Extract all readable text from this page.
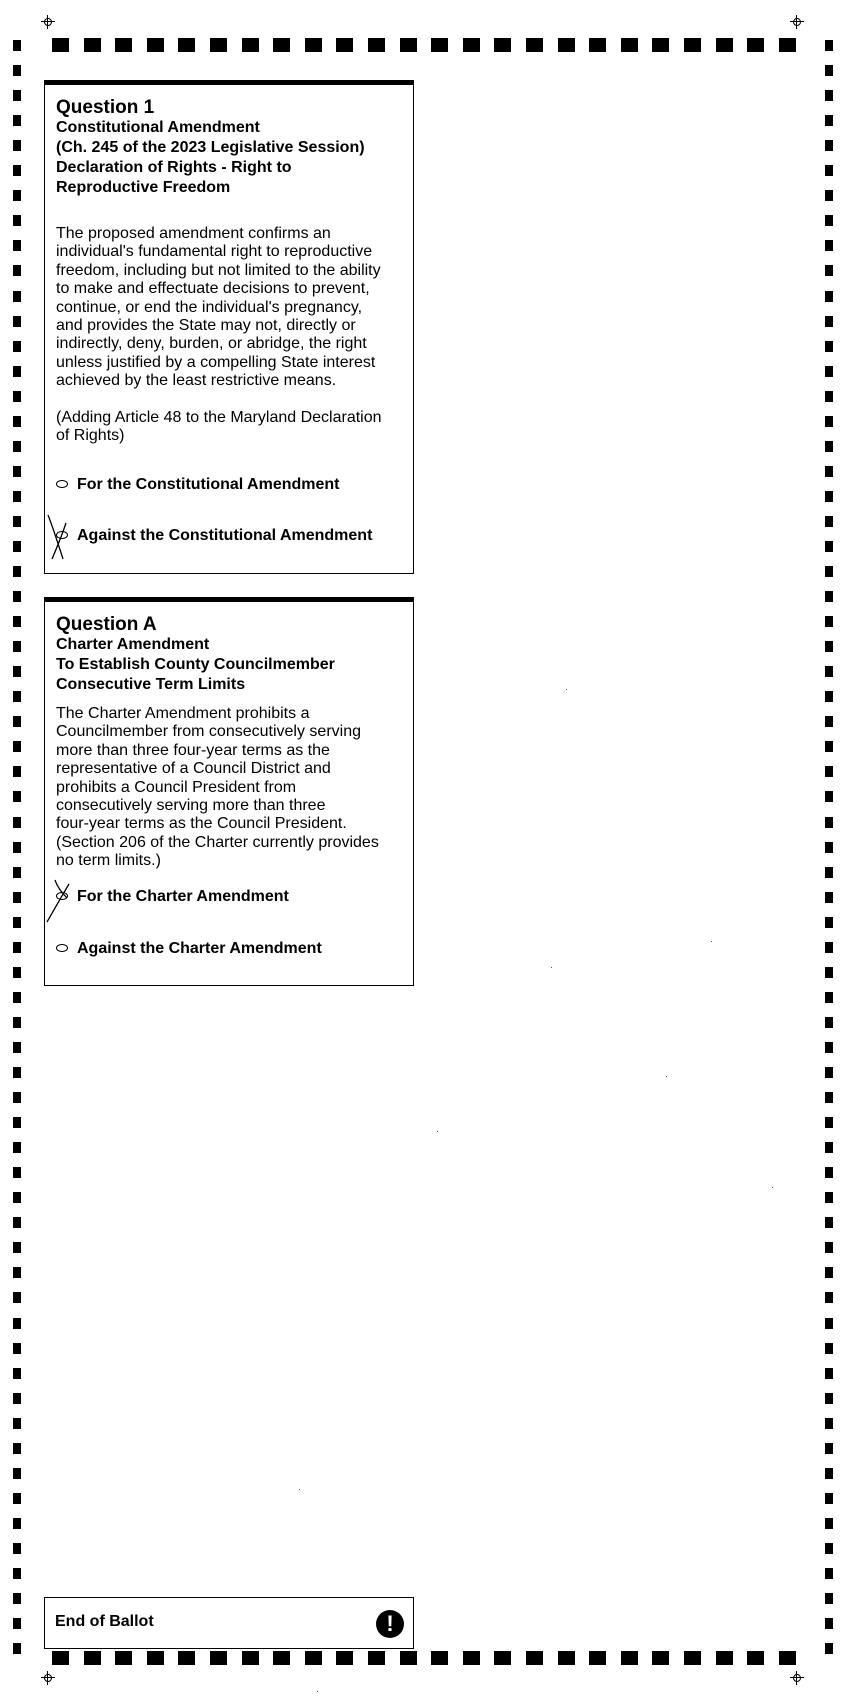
Question 1
Constitutional Amendment
(Ch. 245 of the 2023 Legislative Session)
Declaration of Rights - Right to
Reproductive Freedom
The proposed amendment confirms an
individual's fundamental right to reproductive
freedom, including but not limited to the ability
to make and effectuate decisions to prevent,
continue, or end the individual's pregnancy,
and provides the State may not, directly or
indirectly, deny, burden, or abridge, the right
unless justified by a compelling State interest
achieved by the least restrictive means.
(Adding Article 48 to the Maryland Declaration
of Rights)
For the Constitutional Amendment
Against the Constitutional Amendment
Question A
Charter Amendment
To Establish County Councilmember
Consecutive Term Limits
The Charter Amendment prohibits a
Councilmember from consecutively serving
more than three four-year terms as the
representative of a Council District and
prohibits a Council President from
consecutively serving more than three
four-year terms as the Council President.
(Section 206 of the Charter currently provides
no term limits.)
For the Charter Amendment
Against the Charter Amendment
End of Ballot	!
